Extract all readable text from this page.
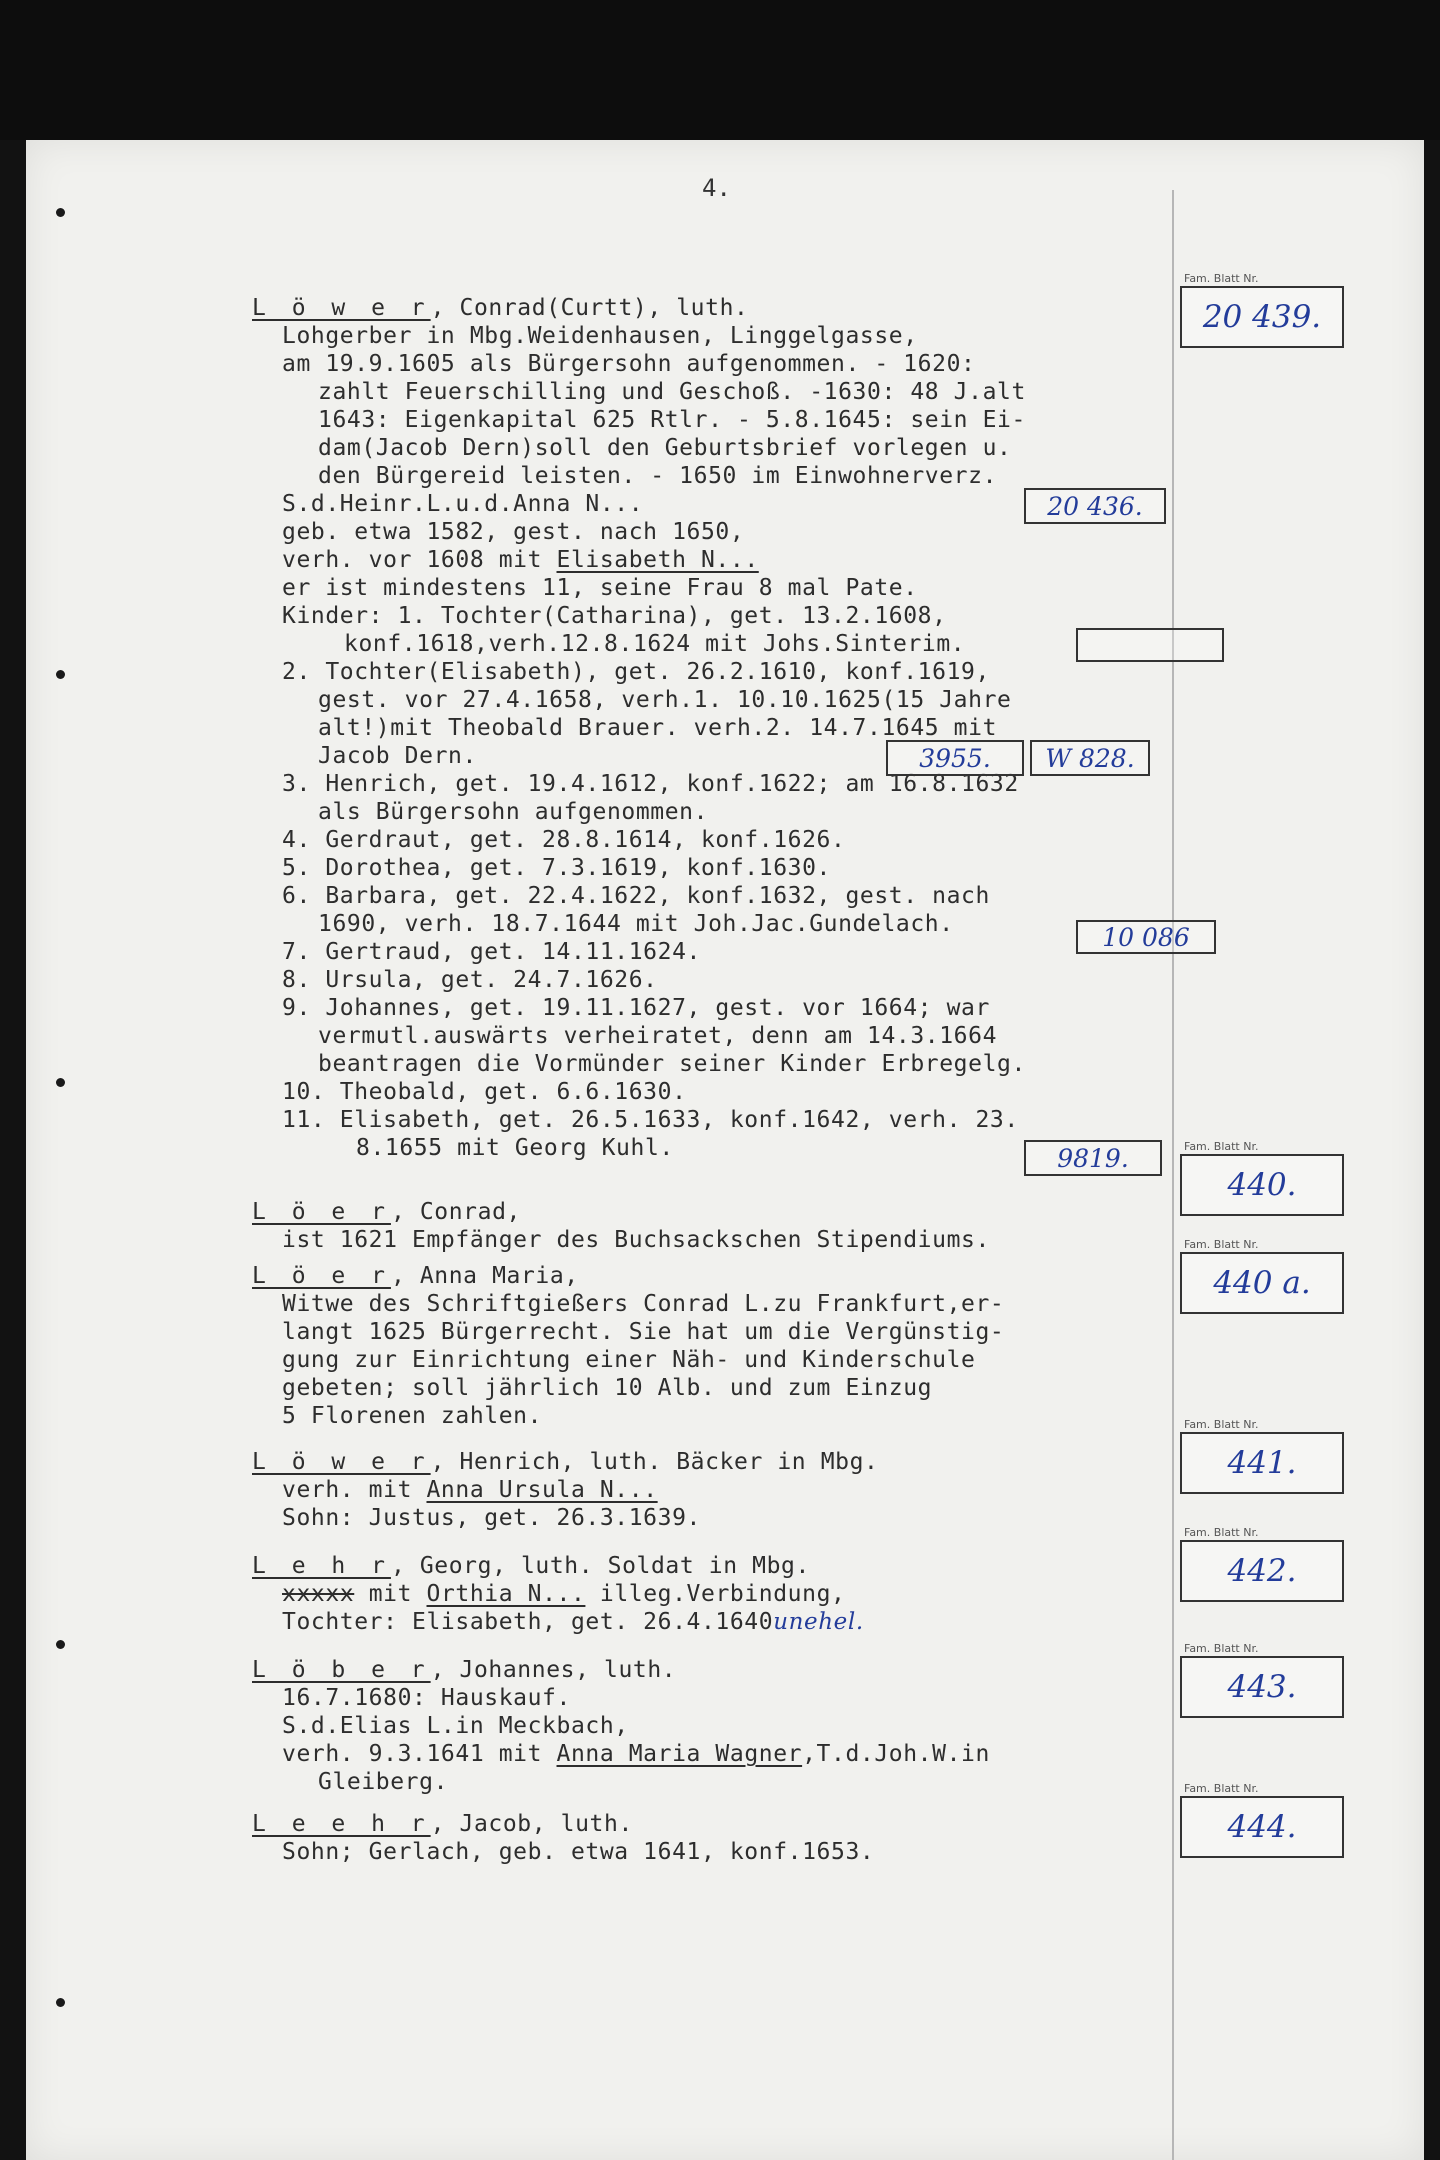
4.
L ö w e r, Conrad(Curtt), luth.
Lohgerber in Mbg.Weidenhausen, Linggelgasse,
am 19.9.1605 als Bürgersohn aufgenommen. - 1620:
zahlt Feuerschilling und Geschoß. -1630: 48 J.alt
1643: Eigenkapital 625 Rtlr. - 5.8.1645: sein Ei-
dam(Jacob Dern)soll den Geburtsbrief vorlegen u.
den Bürgereid leisten. - 1650 im Einwohnerverz.
S.d.Heinr.L.u.d.Anna N...
geb. etwa 1582, gest. nach 1650,
verh. vor 1608 mit Elisabeth N...
er ist mindestens 11, seine Frau 8 mal Pate.
Kinder: 1. Tochter(Catharina), get. 13.2.1608,
konf.1618,verh.12.8.1624 mit Johs.Sinterim.
2. Tochter(Elisabeth), get. 26.2.1610, konf.1619,
gest. vor 27.4.1658, verh.1. 10.10.1625(15 Jahre
alt!)mit Theobald Brauer. verh.2. 14.7.1645 mit
Jacob Dern.
3. Henrich, get. 19.4.1612, konf.1622; am 16.8.1632
als Bürgersohn aufgenommen.
4. Gerdraut, get. 28.8.1614, konf.1626.
5. Dorothea, get. 7.3.1619, konf.1630.
6. Barbara, get. 22.4.1622, konf.1632, gest. nach
1690, verh. 18.7.1644 mit Joh.Jac.Gundelach.
7. Gertraud, get. 14.11.1624.
8. Ursula, get. 24.7.1626.
9. Johannes, get. 19.11.1627, gest. vor 1664; war
vermutl.auswärts verheiratet, denn am 14.3.1664
beantragen die Vormünder seiner Kinder Erbregelg.
10. Theobald, get. 6.6.1630.
11. Elisabeth, get. 26.5.1633, konf.1642, verh. 23.
8.1655 mit Georg Kuhl.
20 436.
3955.	W 828.
10 086
9819.
L ö e r, Conrad,
ist 1621 Empfänger des Buchsackschen Stipendiums.
L ö e r, Anna Maria,
Witwe des Schriftgießers Conrad L.zu Frankfurt,er-
langt 1625 Bürgerrecht. Sie hat um die Vergünstig-
gung zur Einrichtung einer Näh- und Kinderschule
gebeten; soll jährlich 10 Alb. und zum Einzug
5 Florenen zahlen.
L ö w e r, Henrich, luth. Bäcker in Mbg.
verh. mit Anna Ursula N...
Sohn: Justus, get. 26.3.1639.
L e h r, Georg, luth. Soldat in Mbg.
xxxxx mit Orthia N... illeg.Verbindung,
Tochter: Elisabeth, get. 26.4.1640unehel.
L ö b e r, Johannes, luth.
16.7.1680: Hauskauf.
S.d.Elias L.in Meckbach,
verh. 9.3.1641 mit Anna Maria Wagner,T.d.Joh.W.in
Gleiberg.
L e e h r, Jacob, luth.
Sohn; Gerlach, geb. etwa 1641, konf.1653.
Fam. Blatt Nr.
20 439.
Fam. Blatt Nr.
440.
Fam. Blatt Nr.
440 a.
Fam. Blatt Nr.
441.
Fam. Blatt Nr.
442.
Fam. Blatt Nr.
443.
Fam. Blatt Nr.
444.
